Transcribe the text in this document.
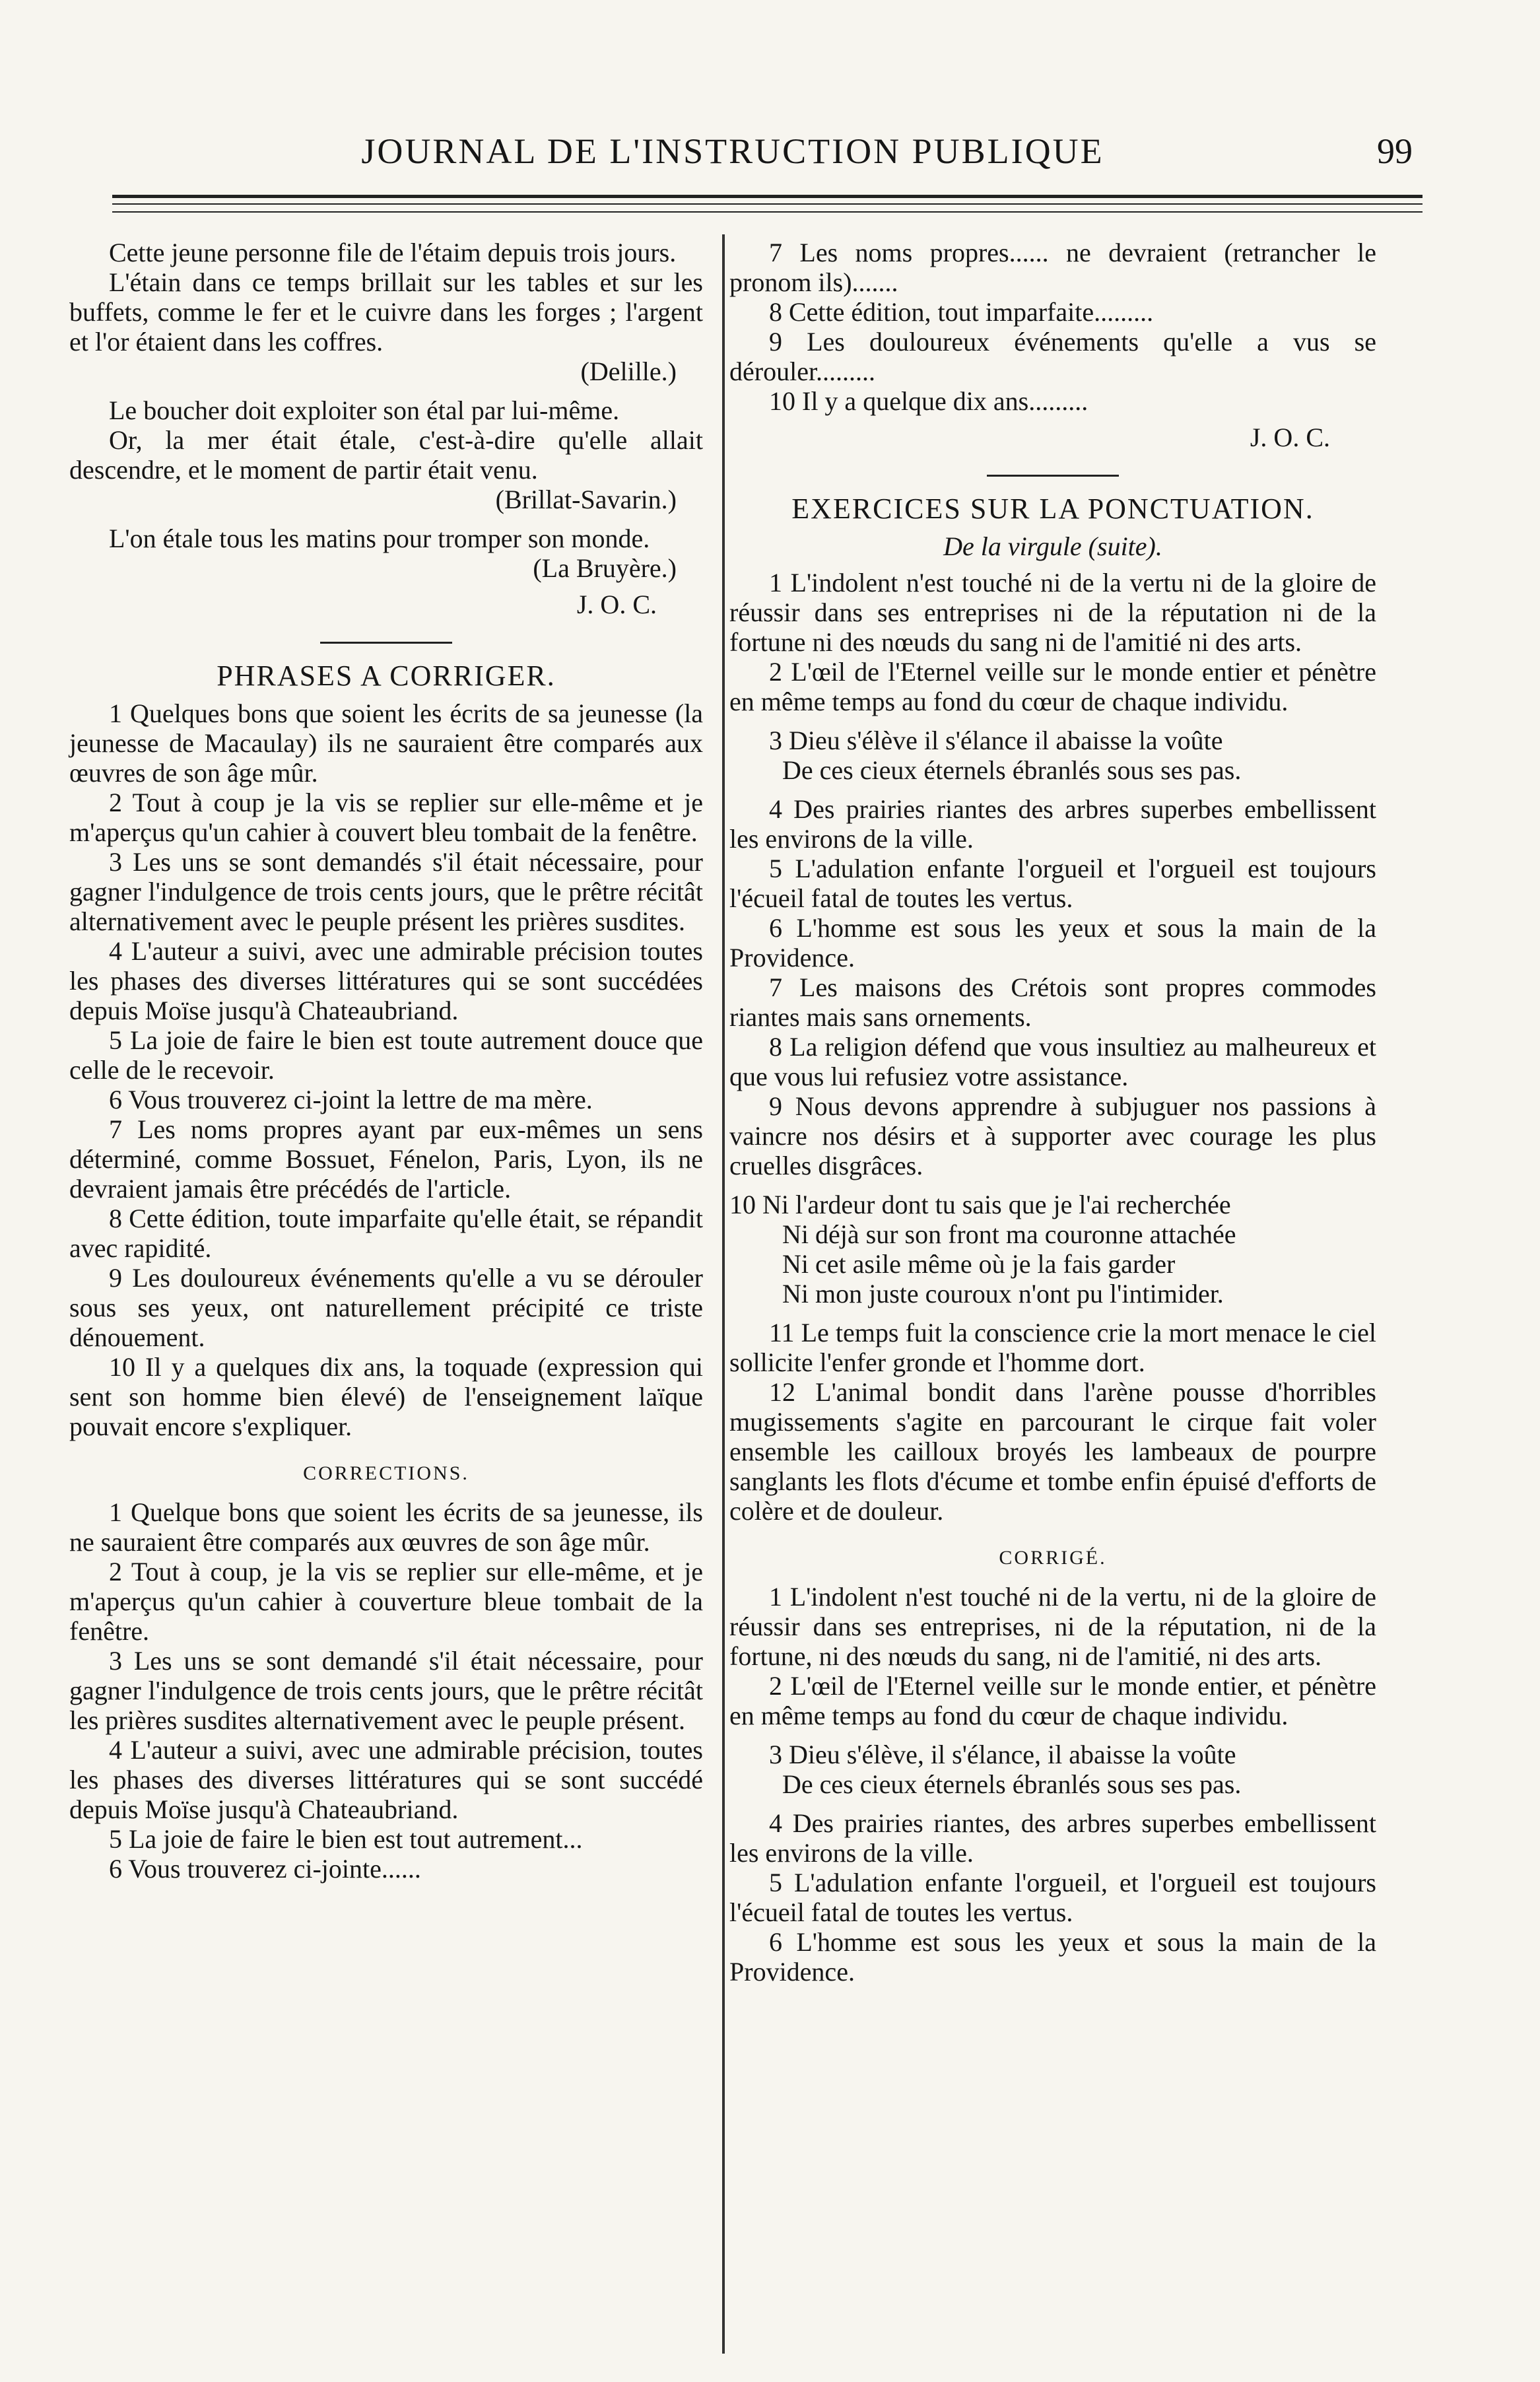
JOURNAL DE L'INSTRUCTION PUBLIQUE	99

Cette jeune personne file de l'étaim depuis trois jours.

L'étain dans ce temps brillait sur les tables et sur les buffets, comme le fer et le cuivre dans les forges ; l'argent et l'or étaient dans les coffres.

(Delille.)

Le boucher doit exploiter son étal par lui-même.

Or, la mer était étale, c'est-à-dire qu'elle allait descendre, et le moment de partir était venu.

(Brillat-Savarin.)

L'on étale tous les matins pour tromper son monde.

(La Bruyère.)

J. O. C.

PHRASES A CORRIGER.

1 Quelques bons que soient les écrits de sa jeunesse (la jeunesse de Macaulay) ils ne sauraient être comparés aux œuvres de son âge mûr.

2 Tout à coup je la vis se replier sur elle-même et je m'aperçus qu'un cahier à couvert bleu tombait de la fenêtre.

3 Les uns se sont demandés s'il était nécessaire, pour gagner l'indulgence de trois cents jours, que le prêtre récitât alternativement avec le peuple présent les prières susdites.

4 L'auteur a suivi, avec une admirable précision toutes les phases des diverses littératures qui se sont succédées depuis Moïse jusqu'à Chateaubriand.

5 La joie de faire le bien est toute autrement douce que celle de le recevoir.

6 Vous trouverez ci-joint la lettre de ma mère.

7 Les noms propres ayant par eux-mêmes un sens déterminé, comme Bossuet, Fénelon, Paris, Lyon, ils ne devraient jamais être précédés de l'article.

8 Cette édition, toute imparfaite qu'elle était, se répandit avec rapidité.

9 Les douloureux événements qu'elle a vu se dérouler sous ses yeux, ont naturellement précipité ce triste dénouement.

10 Il y a quelques dix ans, la toquade (expression qui sent son homme bien élevé) de l'enseignement laïque pouvait encore s'expliquer.

CORRECTIONS.

1 Quelque bons que soient les écrits de sa jeunesse, ils ne sauraient être comparés aux œuvres de son âge mûr.

2 Tout à coup, je la vis se replier sur elle-même, et je m'aperçus qu'un cahier à couverture bleue tombait de la fenêtre.

3 Les uns se sont demandé s'il était nécessaire, pour gagner l'indulgence de trois cents jours, que le prêtre récitât les prières susdites alternativement avec le peuple présent.

4 L'auteur a suivi, avec une admirable précision, toutes les phases des diverses littératures qui se sont succédé depuis Moïse jusqu'à Chateaubriand.

5 La joie de faire le bien est tout autrement...

6 Vous trouverez ci-jointe......

7 Les noms propres...... ne devraient (retrancher le pronom ils).......

8 Cette édition, tout imparfaite.........

9 Les douloureux événements qu'elle a vus se dérouler.........

10 Il y a quelque dix ans.........

J. O. C.

EXERCICES SUR LA PONCTUATION.

De la virgule (suite).

1 L'indolent n'est touché ni de la vertu ni de la gloire de réussir dans ses entreprises ni de la réputation ni de la fortune ni des nœuds du sang ni de l'amitié ni des arts.

2 L'œil de l'Eternel veille sur le monde entier et pénètre en même temps au fond du cœur de chaque individu.

3 Dieu s'élève il s'élance il abaisse la voûte

De ces cieux éternels ébranlés sous ses pas.

4 Des prairies riantes des arbres superbes embellissent les environs de la ville.

5 L'adulation enfante l'orgueil et l'orgueil est toujours l'écueil fatal de toutes les vertus.

6 L'homme est sous les yeux et sous la main de la Providence.

7 Les maisons des Crétois sont propres commodes riantes mais sans ornements.

8 La religion défend que vous insultiez au malheureux et que vous lui refusiez votre assistance.

9 Nous devons apprendre à subjuguer nos passions à vaincre nos désirs et à supporter avec courage les plus cruelles disgrâces.

10 Ni l'ardeur dont tu sais que je l'ai recherchée

Ni déjà sur son front ma couronne attachée

Ni cet asile même où je la fais garder

Ni mon juste couroux n'ont pu l'intimider.

11 Le temps fuit la conscience crie la mort menace le ciel sollicite l'enfer gronde et l'homme dort.

12 L'animal bondit dans l'arène pousse d'horribles mugissements s'agite en parcourant le cirque fait voler ensemble les cailloux broyés les lambeaux de pourpre sanglants les flots d'écume et tombe enfin épuisé d'efforts de colère et de douleur.

CORRIGÉ.

1 L'indolent n'est touché ni de la vertu, ni de la gloire de réussir dans ses entreprises, ni de la réputation, ni de la fortune, ni des nœuds du sang, ni de l'amitié, ni des arts.

2 L'œil de l'Eternel veille sur le monde entier, et pénètre en même temps au fond du cœur de chaque individu.

3 Dieu s'élève, il s'élance, il abaisse la voûte

De ces cieux éternels ébranlés sous ses pas.

4 Des prairies riantes, des arbres superbes embellissent les environs de la ville.

5 L'adulation enfante l'orgueil, et l'orgueil est toujours l'écueil fatal de toutes les vertus.

6 L'homme est sous les yeux et sous la main de la Providence.
